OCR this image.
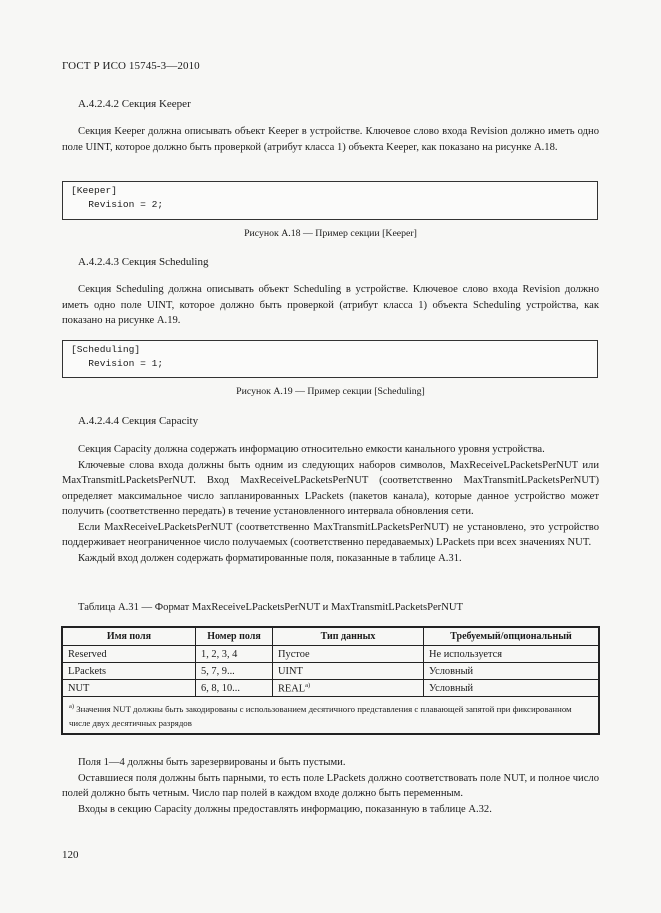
ГОСТ Р ИСО 15745-3—2010
A.4.2.4.2 Секция Keeper

Секция Keeper должна описывать объект Keeper в устройстве. Ключевое слово входа Revision должно иметь одно поле UINT, которое должно быть проверкой (атрибут класса 1) объекта Keeper, как показано на рисунке А.18.

[Keeper]
Revision = 2;
Рисунок А.18 — Пример секции [Keeper]
A.4.2.4.3 Секция Scheduling

Секция Scheduling должна описывать объект Scheduling в устройстве. Ключевое слово входа Revision должно иметь одно поле UINT, которое должно быть проверкой (атрибут класса 1) объекта Scheduling устройства, как показано на рисунке А.19.

[Scheduling]
Revision = 1;
Рисунок А.19 — Пример секции [Scheduling]
A.4.2.4.4 Секция Capacity

Секция Capacity должна содержать информацию относительно емкости канального уровня устройства.

Ключевые слова входа должны быть одним из следующих наборов символов, MaxReceiveLPacketsPerNUT или MaxTransmitLPacketsPerNUT. Вход MaxReceiveLPacketsPerNUT (соответственно MaxTransmitLPacketsPerNUT) определяет максимальное число запланированных LPackets (пакетов канала), которые данное устройство может получить (соответственно передать) в течение установленного интервала обновления сети.

Если MaxReceiveLPacketsPerNUT (соответственно MaxTransmitLPacketsPerNUT) не установлено, это устройство поддерживает неограниченное число получаемых (соответственно передаваемых) LPackets при всех значениях NUT.

Каждый вход должен содержать форматированные поля, показанные в таблице А.31.

Таблица А.31 — Формат MaxReceiveLPacketsPerNUT и MaxTransmitLPacketsPerNUT
Имя поля	Номер поля	Тип данных	Требуемый/опциональный
Reserved	1, 2, 3, 4	Пустое	Не используется
LPackets	5, 7, 9...	UINT	Условный
NUT	6, 8, 10...	REAL$^{a)}$	Условный
$^{a)}$ Значения NUT должны быть закодированы с использованием десятичного представления с плавающей запятой при фиксированном числе двух десятичных разрядов			

Поля 1—4 должны быть зарезервированы и быть пустыми.

Оставшиеся поля должны быть парными, то есть поле LPackets должно соответствовать поле NUT, и полное число полей должно быть четным. Число пар полей в каждом входе должно быть переменным.

Входы в секцию Capacity должны предоставлять информацию, показанную в таблице А.32.

120
